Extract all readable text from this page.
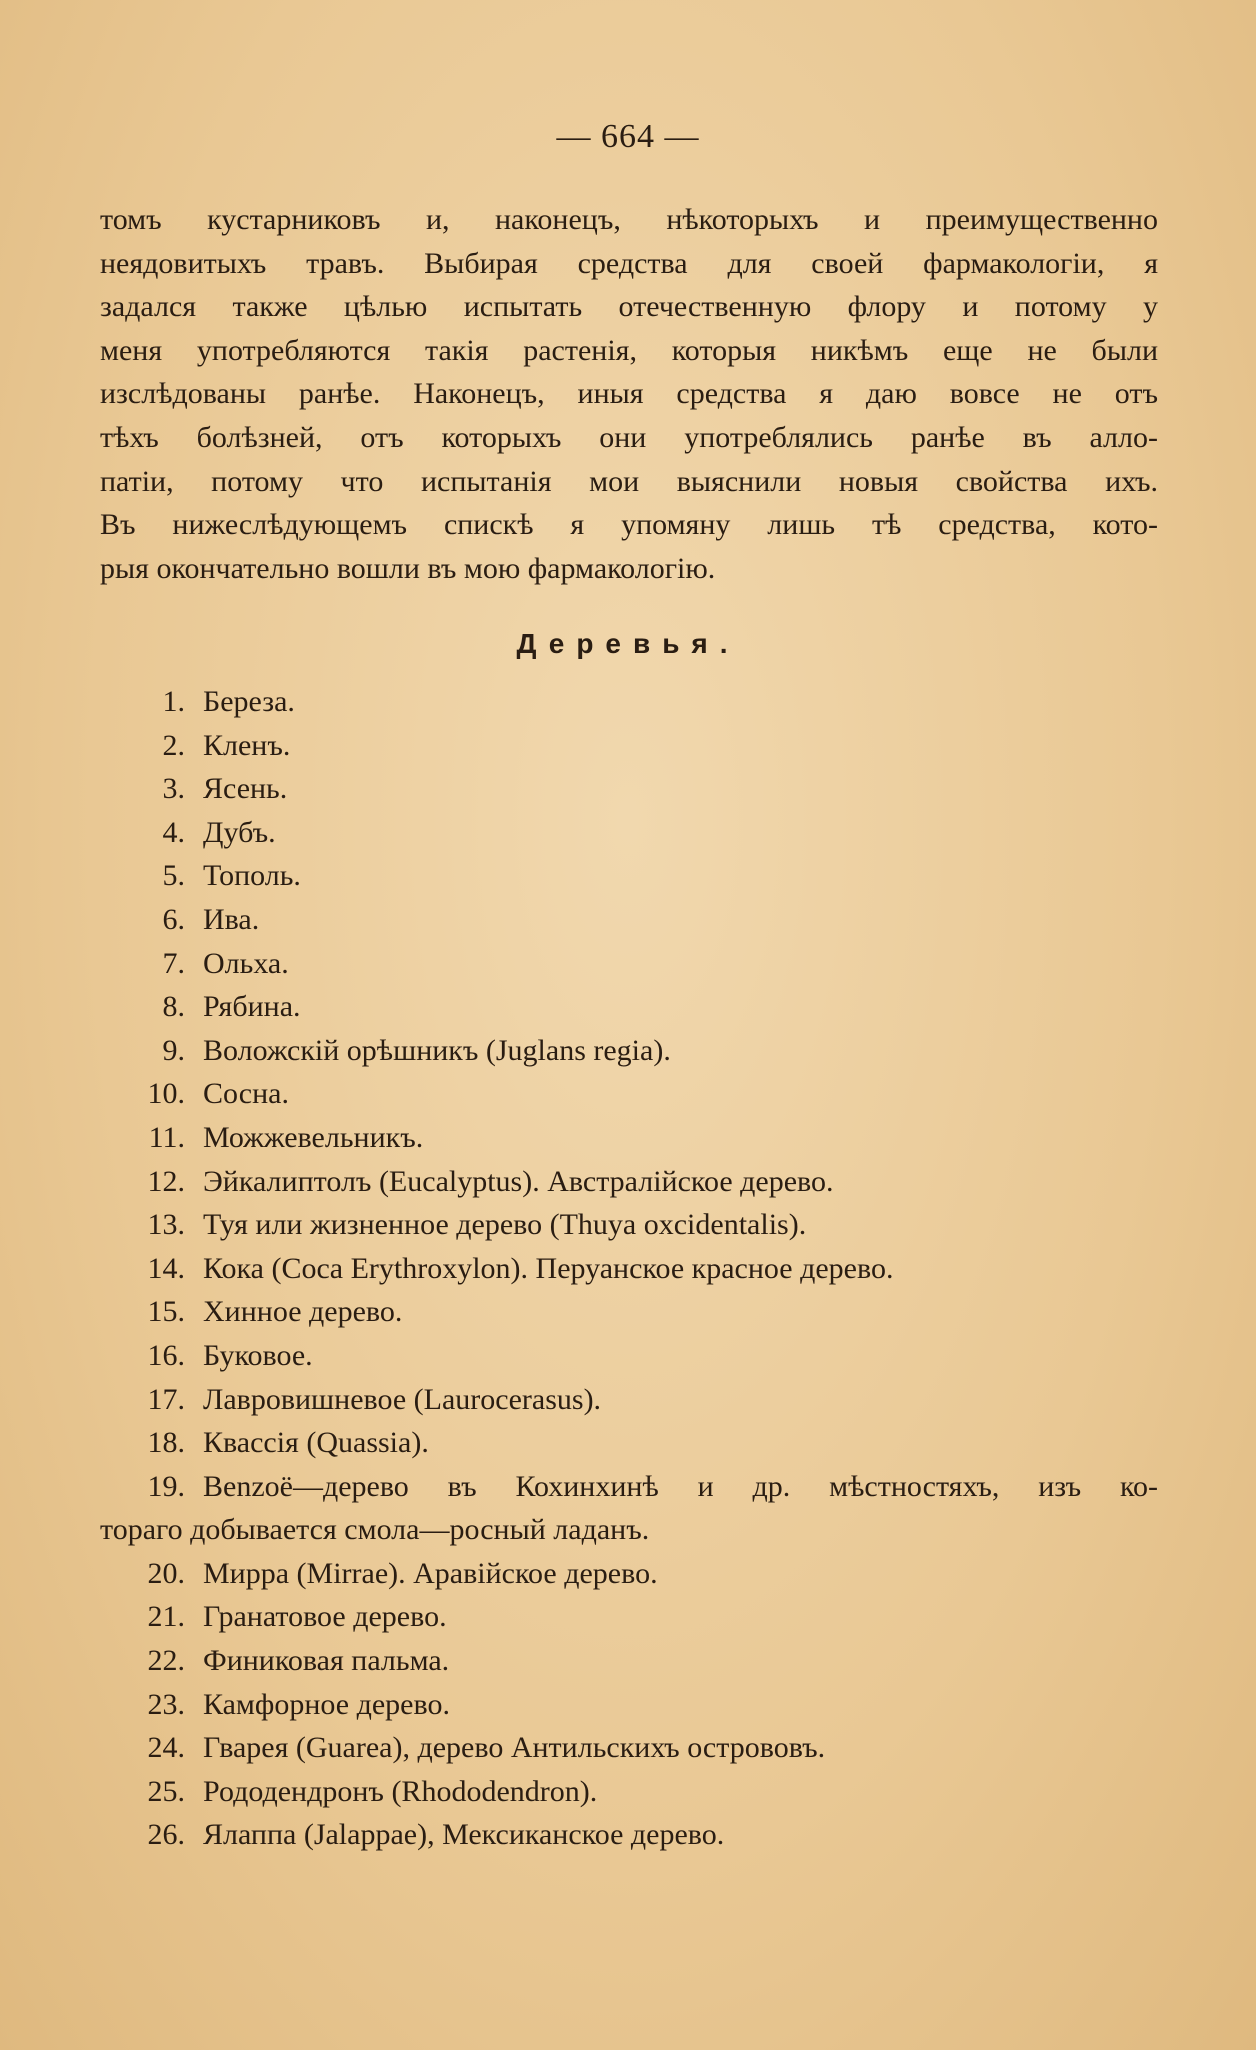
— 664 —
томъ кустарниковъ и, наконецъ, нѣкоторыхъ и преимущественно
неядовитыхъ травъ. Выбирая средства для своей фармакологіи, я
задался также цѣлью испытать отечественную флору и потому у
меня употребляются такія растенія, которыя никѣмъ еще не были
изслѣдованы ранѣе. Наконецъ, иныя средства я даю вовсе не отъ
тѣхъ болѣзней, отъ которыхъ они употреблялись ранѣе въ алло-
патіи, потому что испытанія мои выяснили новыя свойства ихъ.
Въ нижеслѣдующемъ спискѣ я упомяну лишь тѣ средства, кото-
рыя окончательно вошли въ мою фармакологію.
Деревья.
1. Береза.
2. Кленъ.
3. Ясень.
4. Дубъ.
5. Тополь.
6. Ива.
7. Ольха.
8. Рябина.
9. Воложскій орѣшникъ (Juglans regia).
10. Сосна.
11. Можжевельникъ.
12. Эйкалиптолъ (Eucalyptus). Австралійское дерево.
13. Туя или жизненное дерево (Thuya oxcidentalis).
14. Кока (Coca Erythroxylon). Перуанское красное дерево.
15. Хинное дерево.
16. Буковое.
17. Лавровишневое (Laurocerasus).
18. Квассія (Quassia).
19. Benzoë—дерево въ Кохинхинѣ и др. мѣстностяхъ, изъ ко-
тораго добывается смола—росный ладанъ.
20. Мирра (Mirrae). Аравійское дерево.
21. Гранатовое дерево.
22. Финиковая пальма.
23. Камфорное дерево.
24. Гварея (Guarea), дерево Антильскихъ острововъ.
25. Рододендронъ (Rhododendron).
26. Ялаппа (Jalapрае), Мексиканское дерево.
